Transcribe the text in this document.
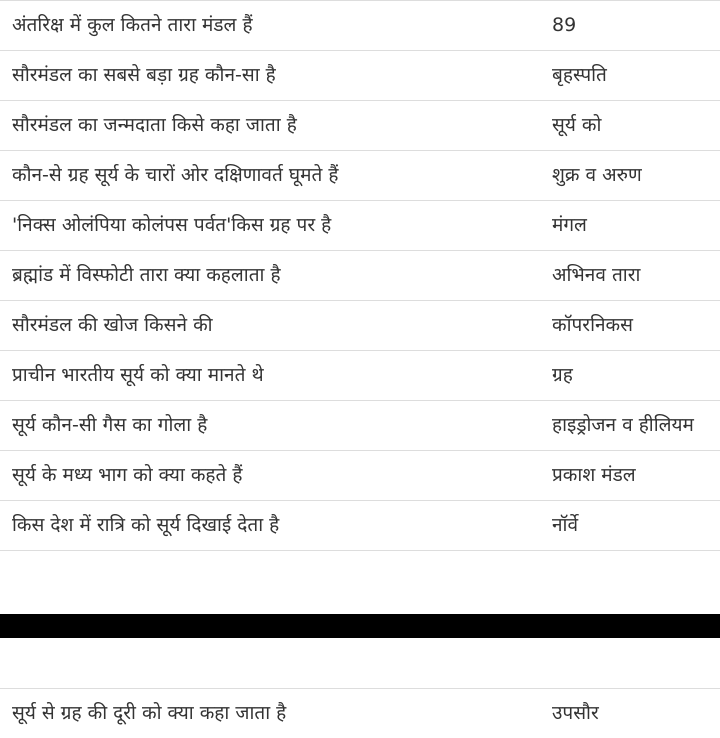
अंतरिक्ष में कुल कितने तारा मंडल हैं	89
सौरमंडल का सबसे बड़ा ग्रह कौन-सा है	बृहस्पति
सौरमंडल का जन्मदाता किसे कहा जाता है	सूर्य को
कौन-से ग्रह सूर्य के चारों ओर दक्षिणावर्त घूमते हैं	शुक्र व अरुण
'निक्स ओलंपिया कोलंपस पर्वत'किस ग्रह पर है	मंगल
ब्रह्मांड में विस्फोटी तारा क्या कहलाता है	अभिनव तारा
सौरमंडल की खोज किसने की	कॉपरनिकस
प्राचीन भारतीय सूर्य को क्या मानते थे	ग्रह
सूर्य कौन-सी गैस का गोला है	हाइड्रोजन व हीलियम
सूर्य के मध्य भाग को क्या कहते हैं	प्रकाश मंडल
किस देश में रात्रि को सूर्य दिखाई देता है	नॉर्वे
सूर्य से ग्रह की दूरी को क्या कहा जाता है	उपसौर
